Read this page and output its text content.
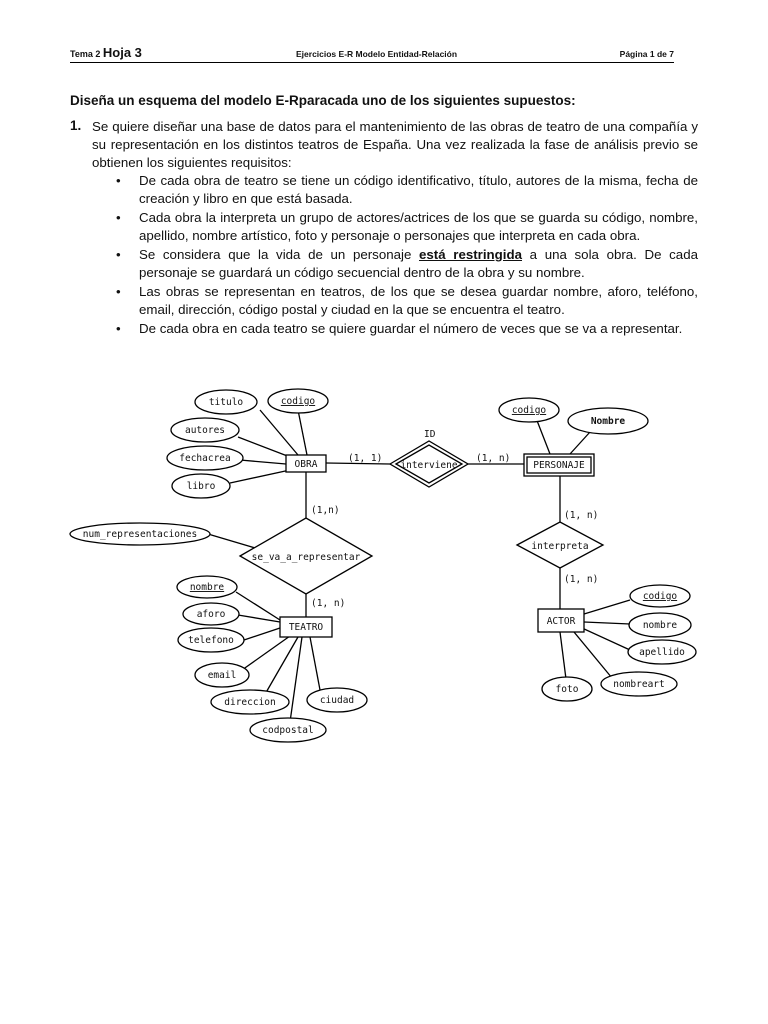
Tema 2 Hoja 3	Ejercicios E-R Modelo Entidad-Relación	Página 1 de 7
Diseña un esquema del modelo E-Rparacada uno de los siguientes supuestos:
1. Se quiere diseñar una base de datos para el mantenimiento de las obras de teatro de una compañía y su representación en los distintos teatros de España. Una vez realizada la fase de análisis previo se obtienen los siguientes requisitos:
• De cada obra de teatro se tiene un código identificativo, título, autores de la misma, fecha de creación y libro en que está basada.
• Cada obra la interpreta un grupo de actores/actrices de los que se guarda su código, nombre, apellido, nombre artístico, foto y personaje o personajes que interpreta en cada obra.
• Se considera que la vida de un personaje está restringida a una sola obra. De cada personaje se guardará un código secuencial dentro de la obra y su nombre.
• Las obras se representan en teatros, de los que se desea guardar nombre, aforo, teléfono, email, dirección, código postal y ciudad en la que se encuentra el teatro.
• De cada obra en cada teatro se quiere guardar el número de veces que se va a representar.
OBRA	PERSONAJE
TEATRO
ACTOR
interviene
se_va_a_representar
interpreta
titulo	codigo
autores
fechacrea
libro
codigo
Nombre
num_representaciones
nombre
aforo
telefono
email
direccion
codpostal
ciudad
codigo
nombre
apellido
nombreart
foto
ID
(1, 1)	(1, n)
(1,n)
(1, n)
(1, n)
(1, n)
